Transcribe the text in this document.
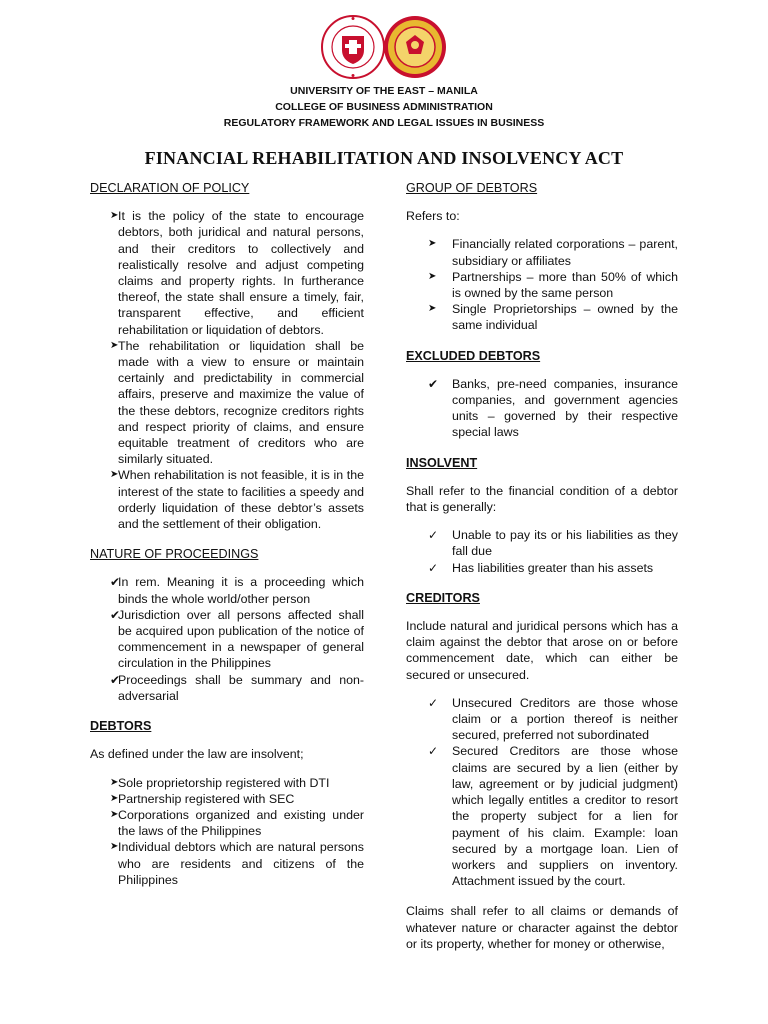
UNIVERSITY OF THE EAST – MANILA
COLLEGE OF BUSINESS ADMINISTRATION
REGULATORY FRAMEWORK AND LEGAL ISSUES IN BUSINESS
FINANCIAL REHABILITATION AND INSOLVENCY ACT
DECLARATION OF POLICY
➤ It is the policy of the state to encourage debtors, both juridical and natural persons, and their creditors to collectively and realistically resolve and adjust competing claims and property rights. In furtherance thereof, the state shall ensure a timely, fair, transparent effective, and efficient rehabilitation or liquidation of debtors.
➤ The rehabilitation or liquidation shall be made with a view to ensure or maintain certainly and predictability in commercial affairs, preserve and maximize the value of the these debtors, recognize creditors rights and respect priority of claims, and ensure equitable treatment of creditors who are similarly situated.
➤ When rehabilitation is not feasible, it is in the interest of the state to facilities a speedy and orderly liquidation of these debtor’s assets and the settlement of their obligation.
NATURE OF PROCEEDINGS
✔
In rem. Meaning it is a proceeding which binds the whole world/other person
✔
Jurisdiction over all persons affected shall be acquired upon publication of the notice of commencement in a newspaper of general circulation in the Philippines
✔
Proceedings shall be summary and non-adversarial
DEBTORS

As defined under the law are insolvent;

➤ Sole proprietorship registered with DTI
➤ Partnership registered with SEC
➤ Corporations organized and existing under the laws of the Philippines
➤ Individual debtors which are natural persons who are residents and citizens of the Philippines
GROUP OF DEBTORS

Refers to:

➤	Financially related corporations – parent, subsidiary or affiliates
➤	Partnerships – more than 50% of which is owned by the same person
➤	Single Proprietorships – owned by the same individual
EXCLUDED DEBTORS
✔	Banks, pre-need companies, insurance companies, and government agencies units – governed by their respective special laws
INSOLVENT

Shall refer to the financial condition of a debtor that is generally:

✓	Unable to pay its or his liabilities as they fall due
✓	Has liabilities greater than his assets
CREDITORS

Include natural and juridical persons which has a claim against the debtor that arose on or before commencement date, which can either be secured or unsecured.

✓	Unsecured Creditors are those whose claim or a portion thereof is neither secured, preferred not subordinated
✓	Secured Creditors are those whose claims are secured by a lien (either by law, agreement or by judicial judgment) which legally entitles a creditor to resort the property subject for a lien for payment of his claim. Example: loan secured by a mortgage loan. Lien of workers and suppliers on inventory. Attachment issued by the court.

Claims shall refer to all claims or demands of whatever nature or character against the debtor or its property, whether for money or otherwise,
